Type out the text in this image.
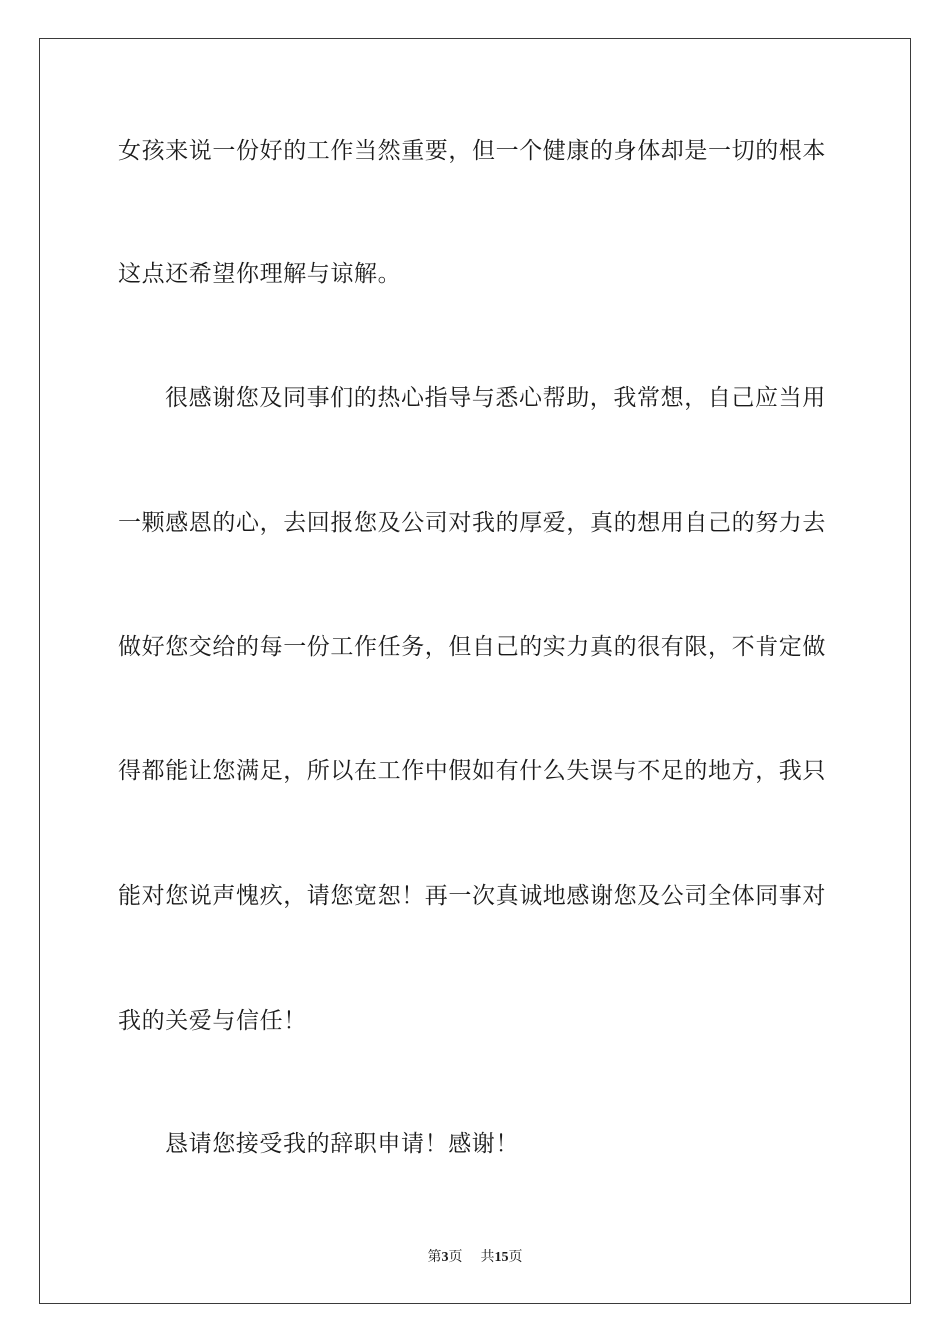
女孩来说一份好的工作当然重要，但一个健康的身体却是一切的根本
这点还希望你理解与谅解。
很感谢您及同事们的热心指导与悉心帮助，我常想，自己应当用
一颗感恩的心，去回报您及公司对我的厚爱，真的想用自己的努力去
做好您交给的每一份工作任务，但自己的实力真的很有限，不肯定做
得都能让您满足，所以在工作中假如有什么失误与不足的地方，我只
能对您说声愧疚，请您宽恕！再一次真诚地感谢您及公司全体同事对
我的关爱与信任！
恳请您接受我的辞职申请！感谢！
第3页 共15页
